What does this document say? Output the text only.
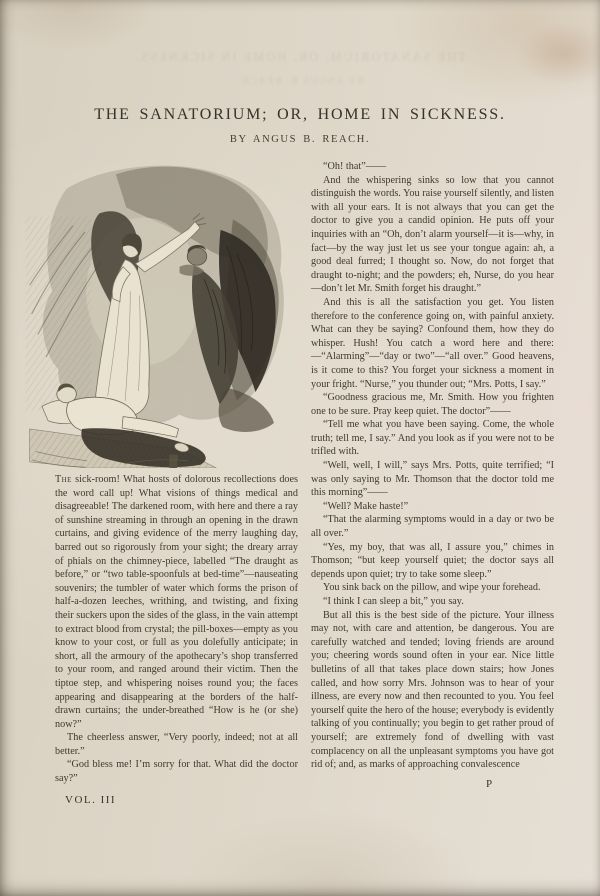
THE SANATORIUM; OR, HOME IN SICKNESS.
BY ANGUS B. REACH.
THE SANATORIUM; OR, HOME IN SICKNESS.
BY ANGUS B. REACH.

The sick-room! What hosts of dolorous recollections does the word call up! What visions of things medical and disagreeable! The darkened room, with here and there a ray of sunshine streaming in through an opening in the drawn curtains, and giving evidence of the merry laughing day, barred out so rigorously from your sight; the dreary array of phials on the chimney-piece, labelled “The draught as before,” or “two table-spoonfuls at bed-time”—nauseating souvenirs; the tumbler of water which forms the prison of half-a-dozen leeches, writhing, and twisting, and fixing their suckers upon the sides of the glass, in the vain attempt to extract blood from crystal; the pill-boxes—empty as you know to your cost, or full as you dolefully anticipate; in short, all the armoury of the apothecary’s shop transferred to your room, and ranged around their victim. Then the tiptoe step, and whispering noises round you; the faces appearing and disappearing at the borders of the half-drawn curtains; the under-breathed “How is he (or she) now?”

The cheerless answer, “Very poorly, indeed; not at all better.”

“God bless me! I’m sorry for that. What did the doctor say?”

VOL. III

“Oh! that”——

And the whispering sinks so low that you cannot distinguish the words. You raise yourself silently, and listen with all your ears. It is not always that you can get the doctor to give you a candid opinion. He puts off your inquiries with an “Oh, don’t alarm yourself—it is—why, in fact—by the way just let us see your tongue again: ah, a good deal furred; I thought so. Now, do not forget that draught to-night; and the powders; eh, Nurse, do you hear—don’t let Mr. Smith forget his draught.”

And this is all the satisfaction you get. You listen therefore to the conference going on, with painful anxiety. What can they be saying? Confound them, how they do whisper. Hush! You catch a word here and there:—“Alarming”—“day or two”—“all over.” Good heavens, is it come to this? You forget your sickness a moment in your fright. “Nurse,” you thunder out; “Mrs. Potts, I say.”

“Goodness gracious me, Mr. Smith. How you frighten one to be sure. Pray keep quiet. The doctor”——

“Tell me what you have been saying. Come, the whole truth; tell me, I say.” And you look as if you were not to be trifled with.

“Well, well, I will,” says Mrs. Potts, quite terrified; “I was only saying to Mr. Thomson that the doctor told me this morning”——

“Well? Make haste!”

“That the alarming symptoms would in a day or two be all over.”

“Yes, my boy, that was all, I assure you,” chimes in Thomson; “but keep yourself quiet; the doctor says all depends upon quiet; try to take some sleep.”

You sink back on the pillow, and wipe your forehead.

“I think I can sleep a bit,” you say.

But all this is the best side of the picture. Your illness may not, with care and attention, be dangerous. You are carefully watched and tended; loving friends are around you; cheering words sound often in your ear. Nice little bulletins of all that takes place down stairs; how Jones called, and how sorry Mrs. Johnson was to hear of your illness, are every now and then recounted to you. You feel yourself quite the hero of the house; everybody is evidently talking of you continually; you begin to get rather proud of yourself; are extremely fond of dwelling with vast complacency on all the unpleasant symptoms you have got rid of; and, as marks of approaching convalescence

P
